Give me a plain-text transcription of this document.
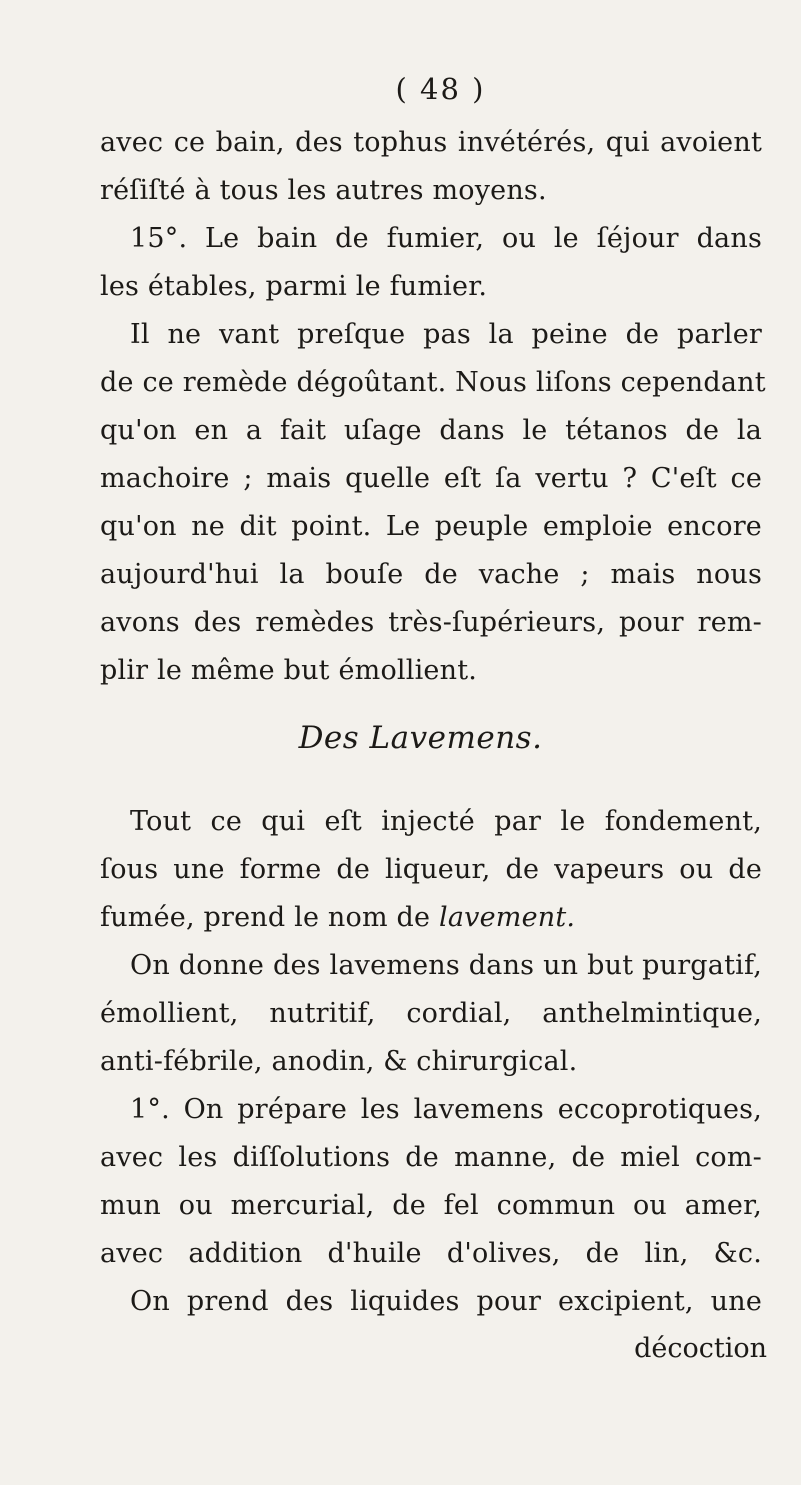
( 48 )
avec ce bain, des tophus invétérés, qui avoient
réſiſté à tous les autres moyens.
15°. Le bain de fumier, ou le ſéjour dans
les étables, parmi le fumier.
Il ne vant preſque pas la peine de parler
de ce remède dégoûtant. Nous liſons cependant
qu'on en a fait uſage dans le tétanos de la
machoire ; mais quelle eſt ſa vertu ? C'eſt ce
qu'on ne dit point. Le peuple emploie encore
aujourd'hui la bouſe de vache ; mais nous
avons des remèdes très-ſupérieurs, pour rem-
plir le même but émollient.
Des Lavemens.
Tout ce qui eſt injecté par le fondement,
ſous une forme de liqueur, de vapeurs ou de
fumée, prend le nom de lavement.
On donne des lavemens dans un but purgatif,
émollient, nutritif, cordial, anthelmintique,
anti-fébrile, anodin, & chirurgical.
1°. On prépare les lavemens eccoprotiques,
avec les diſſolutions de manne, de miel com-
mun ou mercurial, de fel commun ou amer,
avec addition d'huile d'olives, de lin, &c.
On prend des liquides pour excipient, une
décoction
